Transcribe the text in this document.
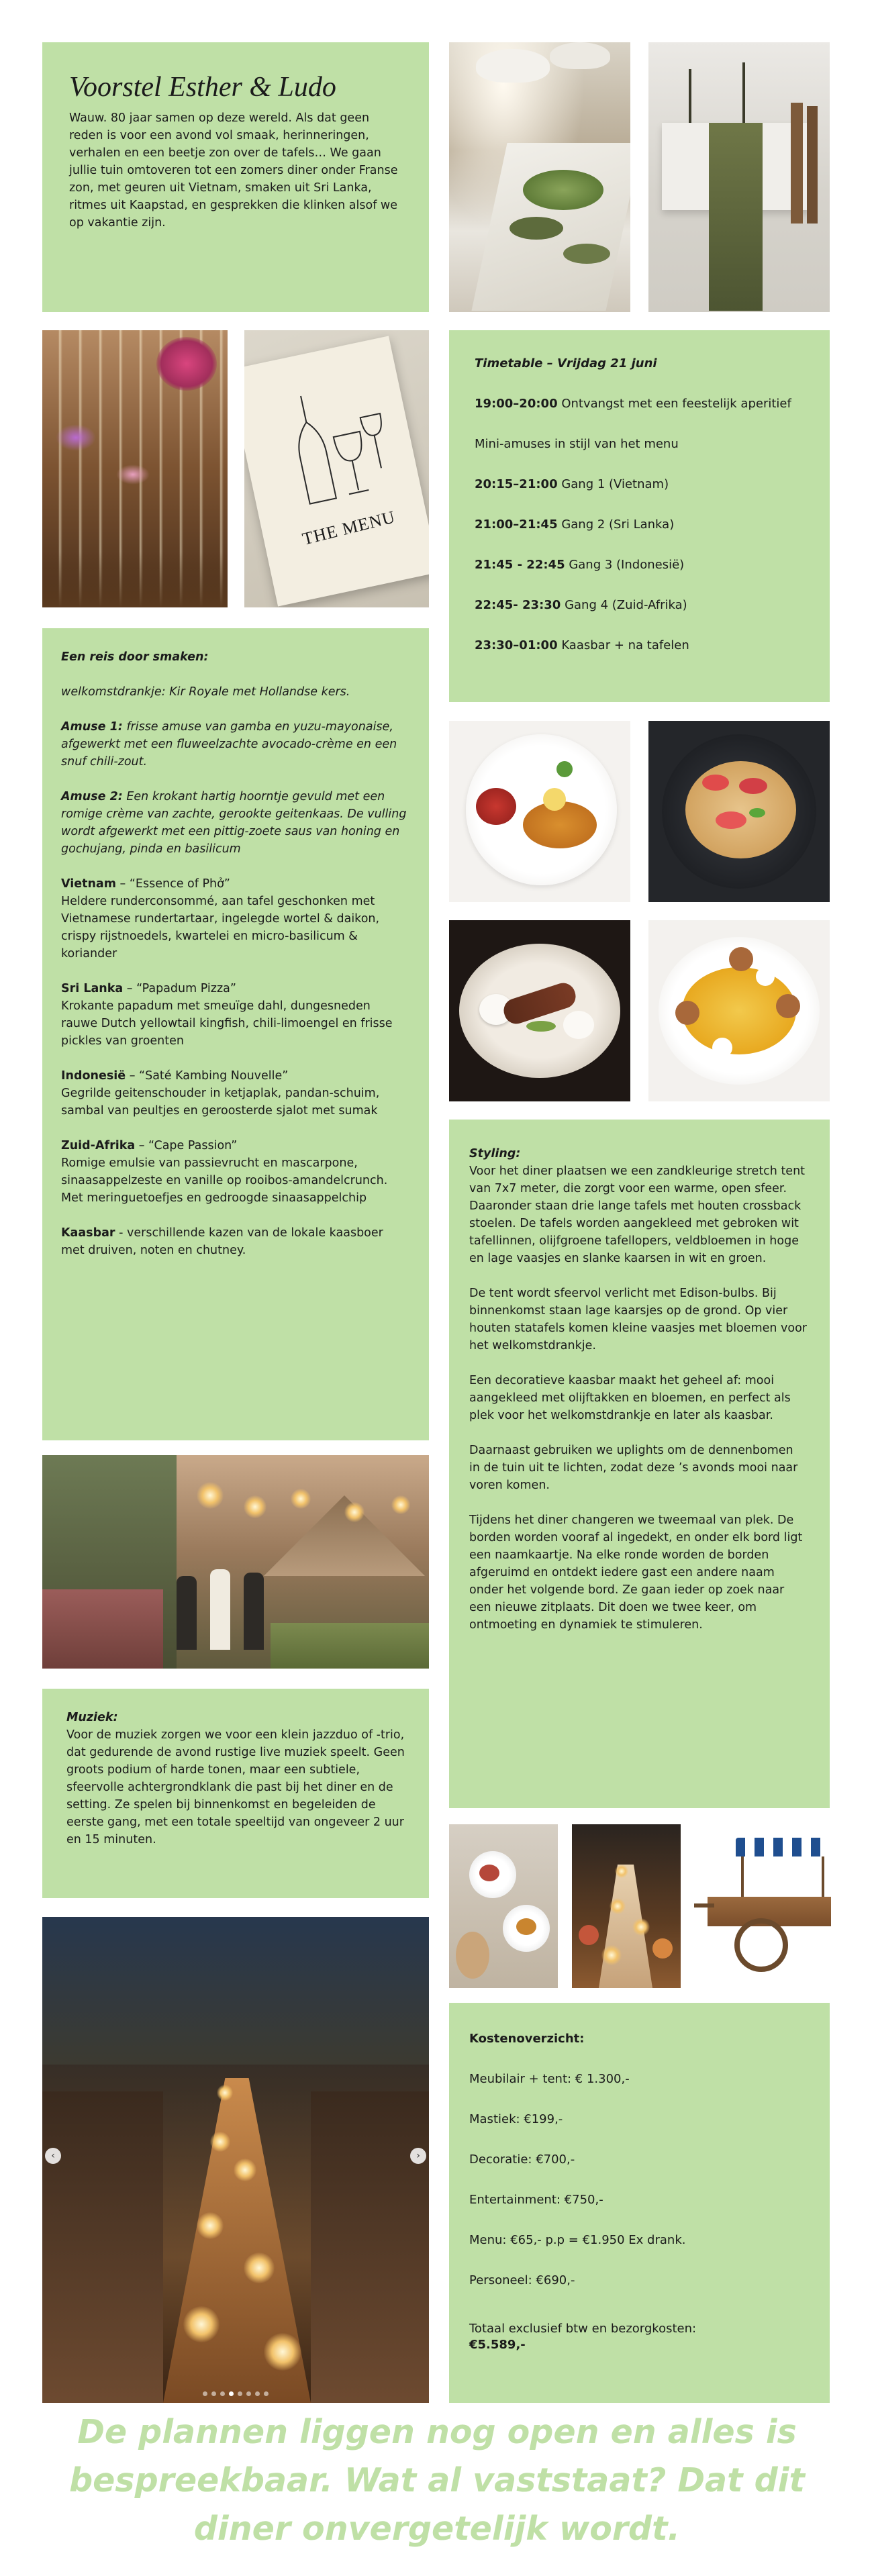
Voorstel Esther & Ludo

Wauw. 80 jaar samen op deze wereld. Als dat geen reden is voor een avond vol smaak, herinneringen, verhalen en een beetje zon over de tafels… We gaan jullie tuin omtoveren tot een zomers diner onder Franse zon, met geuren uit Vietnam, smaken uit Sri Lanka, ritmes uit Kaapstad, en gesprekken die klinken alsof we op vakantie zijn.

THE MENU
Timetable – Vrijdag 21 juni
19:00–20:00 Ontvangst met een feestelijk aperitief
Mini-amuses in stijl van het menu
20:15–21:00 Gang 1 (Vietnam)
21:00–21:45 Gang 2 (Sri Lanka)
21:45 - 22:45 Gang 3 (Indonesië)
22:45- 23:30 Gang 4 (Zuid-Afrika)
23:30–01:00 Kaasbar + na tafelen

Een reis door smaken:

welkomstdrankje: Kir Royale met Hollandse kers.

Amuse 1: frisse amuse van gamba en yuzu-mayonaise, afgewerkt met een fluweelzachte avocado-crème en een snuf chili-zout.

Amuse 2: Een krokant hartig hoorntje gevuld met een romige crème van zachte, gerookte geitenkaas. De vulling wordt afgewerkt met een pittig-zoete saus van honing en gochujang, pinda en basilicum

Vietnam – “Essence of Phở”

Heldere runderconsommé, aan tafel geschonken met Vietnamese rundertartaar, ingelegde wortel & daikon, crispy rijstnoedels, kwartelei en micro-basilicum & koriander

Sri Lanka – “Papadum Pizza”

Krokante papadum met smeuïge dahl, dungesneden rauwe Dutch yellowtail kingfish, chili-limoengel en frisse pickles van groenten

Indonesië – “Saté Kambing Nouvelle”

Gegrilde geitenschouder in ketjaplak, pandan-schuim, sambal van peultjes en geroosterde sjalot met sumak

Zuid-Afrika – “Cape Passion”

Romige emulsie van passievrucht en mascarpone, sinaasappelzeste en vanille op rooibos-amandelcrunch. Met meringuetoefjes en gedroogde sinaasappelchip

Kaasbar - verschillende kazen van de lokale kaasboer met druiven, noten en chutney.

Styling:

Voor het diner plaatsen we een zandkleurige stretch tent van 7x7 meter, die zorgt voor een warme, open sfeer. Daaronder staan drie lange tafels met houten crossback stoelen. De tafels worden aangekleed met gebroken wit tafellinnen, olijfgroene tafellopers, veldbloemen in hoge en lage vaasjes en slanke kaarsen in wit en groen.

De tent wordt sfeervol verlicht met Edison-bulbs. Bij binnenkomst staan lage kaarsjes op de grond. Op vier houten statafels komen kleine vaasjes met bloemen voor het welkomstdrankje.

Een decoratieve kaasbar maakt het geheel af: mooi aangekleed met olijftakken en bloemen, en perfect als plek voor het welkomstdrankje en later als kaasbar.

Daarnaast gebruiken we uplights om de dennenbomen in de tuin uit te lichten, zodat deze ’s avonds mooi naar voren komen.

Tijdens het diner changeren we tweemaal van plek. De borden worden vooraf al ingedekt, en onder elk bord ligt een naamkaartje. Na elke ronde worden de borden afgeruimd en ontdekt iedere gast een andere naam onder het volgende bord. Ze gaan ieder op zoek naar een nieuwe zitplaats. Dit doen we twee keer, om ontmoeting en dynamiek te stimuleren.

Muziek:

Voor de muziek zorgen we voor een klein jazzduo of -trio, dat gedurende de avond rustige live muziek speelt. Geen groots podium of harde tonen, maar een subtiele, sfeervolle achtergrondklank die past bij het diner en de setting. Ze spelen bij binnenkomst en begeleiden de eerste gang, met een totale speeltijd van ongeveer 2 uur en 15 minuten.

‹	›

Kostenoverzicht:

Meubilair + tent: € 1.300,-

Mastiek: €199,-

Decoratie: €700,-

Entertainment: €750,-

Menu: €65,- p.p = €1.950 Ex drank.

Personeel: €690,-

Totaal exclusief btw en bezorgkosten:

€5.589,-

De plannen liggen nog open en alles is bespreekbaar. Wat al vaststaat? Dat dit diner onvergetelijk wordt.
